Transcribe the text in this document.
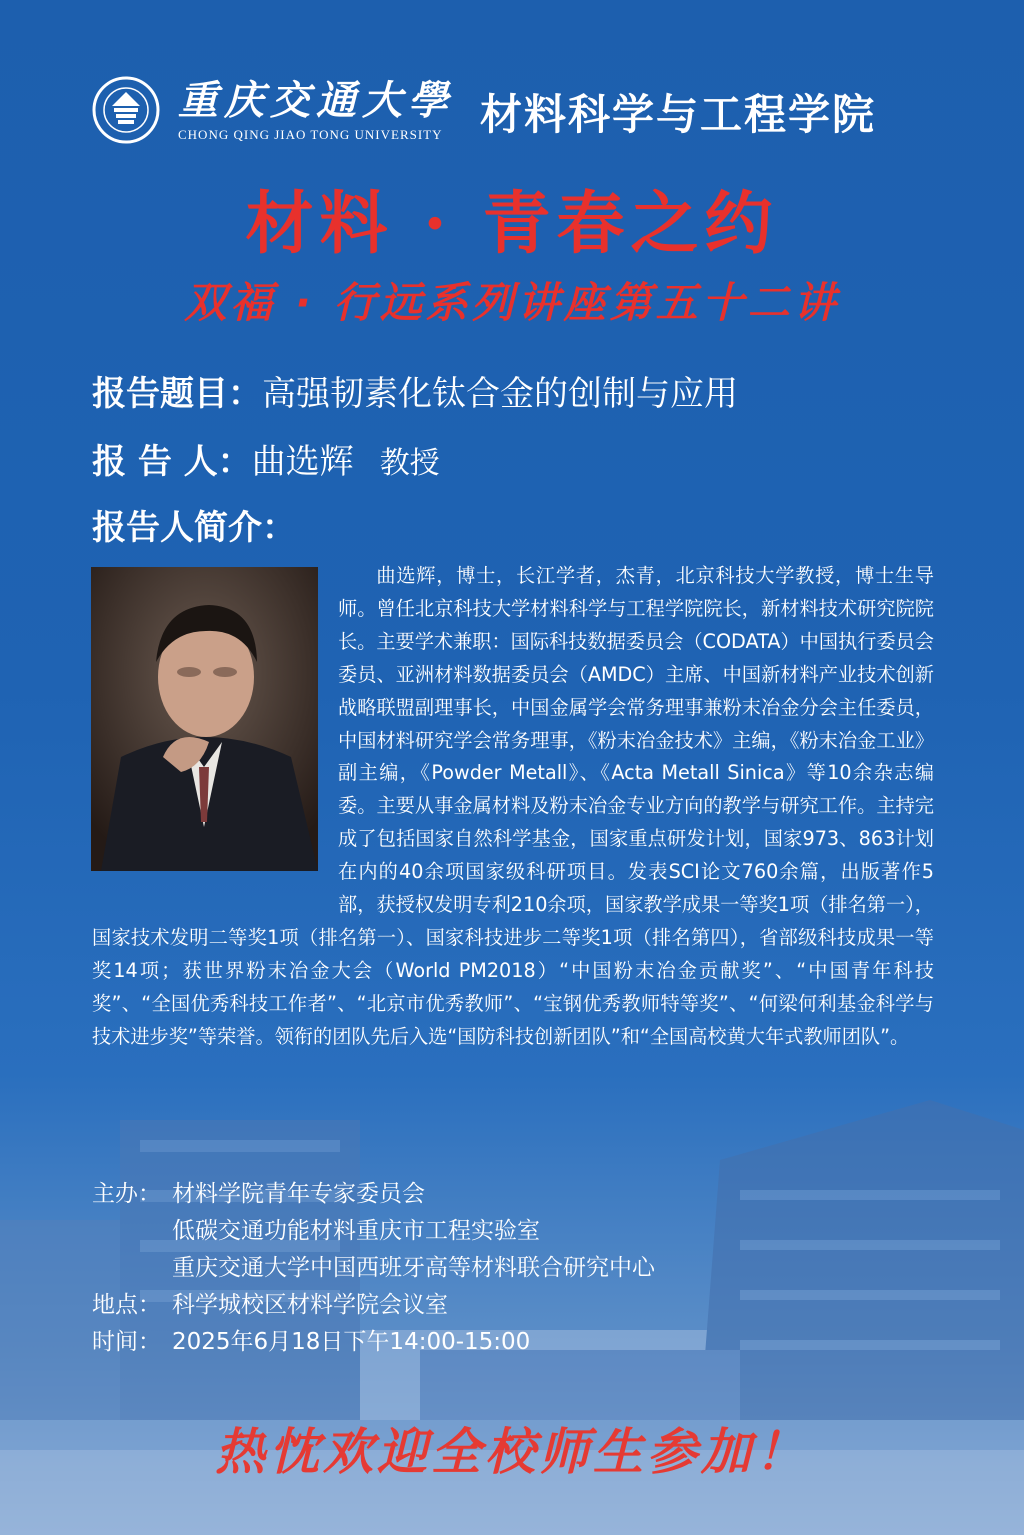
重庆交通大學
CHONG QING JIAO TONG UNIVERSITY 材料科学与工程学院
材料 · 青春之约
双福 · 行远系列讲座第五十二讲
报告题目：高强韧素化钛合金的创制与应用
报 告 人：曲选辉 教授
报告人简介：

曲选辉，博士，长江学者，杰青，北京科技大学教授，博士生导师。曾任北京科技大学材料科学与工程学院院长，新材料技术研究院院长。主要学术兼职：国际科技数据委员会（CODATA）中国执行委员会委员、亚洲材料数据委员会（AMDC）主席、中国新材料产业技术创新战略联盟副理事长，中国金属学会常务理事兼粉末冶金分会主任委员，中国材料研究学会常务理事，《粉末冶金技术》主编，《粉末冶金工业》副主编，《Powder Metall》、《Acta Metall Sinica》等10余杂志编委。主要从事金属材料及粉末冶金专业方向的教学与研究工作。主持完成了包括国家自然科学基金，国家重点研发计划，国家973、863计划在内的40余项国家级科研项目。发表SCI论文760余篇，出版著作5部，获授权发明专利210余项，国家教学成果一等奖1项（排名第一），国家技术发明二等奖1项（排名第一）、国家科技进步二等奖1项（排名第四），省部级科技成果一等奖14项；获世界粉末冶金大会（World PM2018）“中国粉末冶金贡献奖”、“中国青年科技奖”、“全国优秀科技工作者”、“北京市优秀教师”、“宝钢优秀教师特等奖”、“何梁何利基金科学与技术进步奖”等荣誉。领衔的团队先后入选“国防科技创新团队”和“全国高校黄大年式教师团队”。

主办： 材料学院青年专家委员会
低碳交通功能材料重庆市工程实验室
重庆交通大学中国西班牙高等材料联合研究中心
地点： 科学城校区材料学院会议室
时间： 2025年6月18日下午14:00-15:00
热忱欢迎全校师生参加！
